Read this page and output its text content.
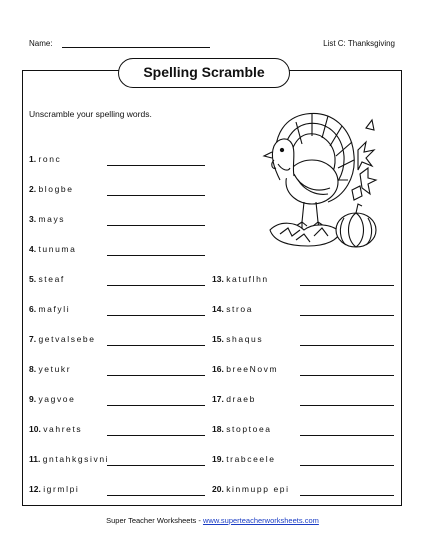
Name:	List C: Thanksgiving
Spelling Scramble
Unscramble your spelling words.
1. ronc
2. blogbe
3. mays
4. tunuma
5. steaf
6. mafyli
7. getvalsebe
8. yetukr
9. yagvoe
10. vahrets
11. gntahkgsivni
12. igrmlpi
13. katuflhn
14. stroa
15. shaqus
16. breeNovm
17. draeb
18. stoptoea
19. trabceele
20. kinmupp epi
Super Teacher Worksheets - www.superteacherworksheets.com
